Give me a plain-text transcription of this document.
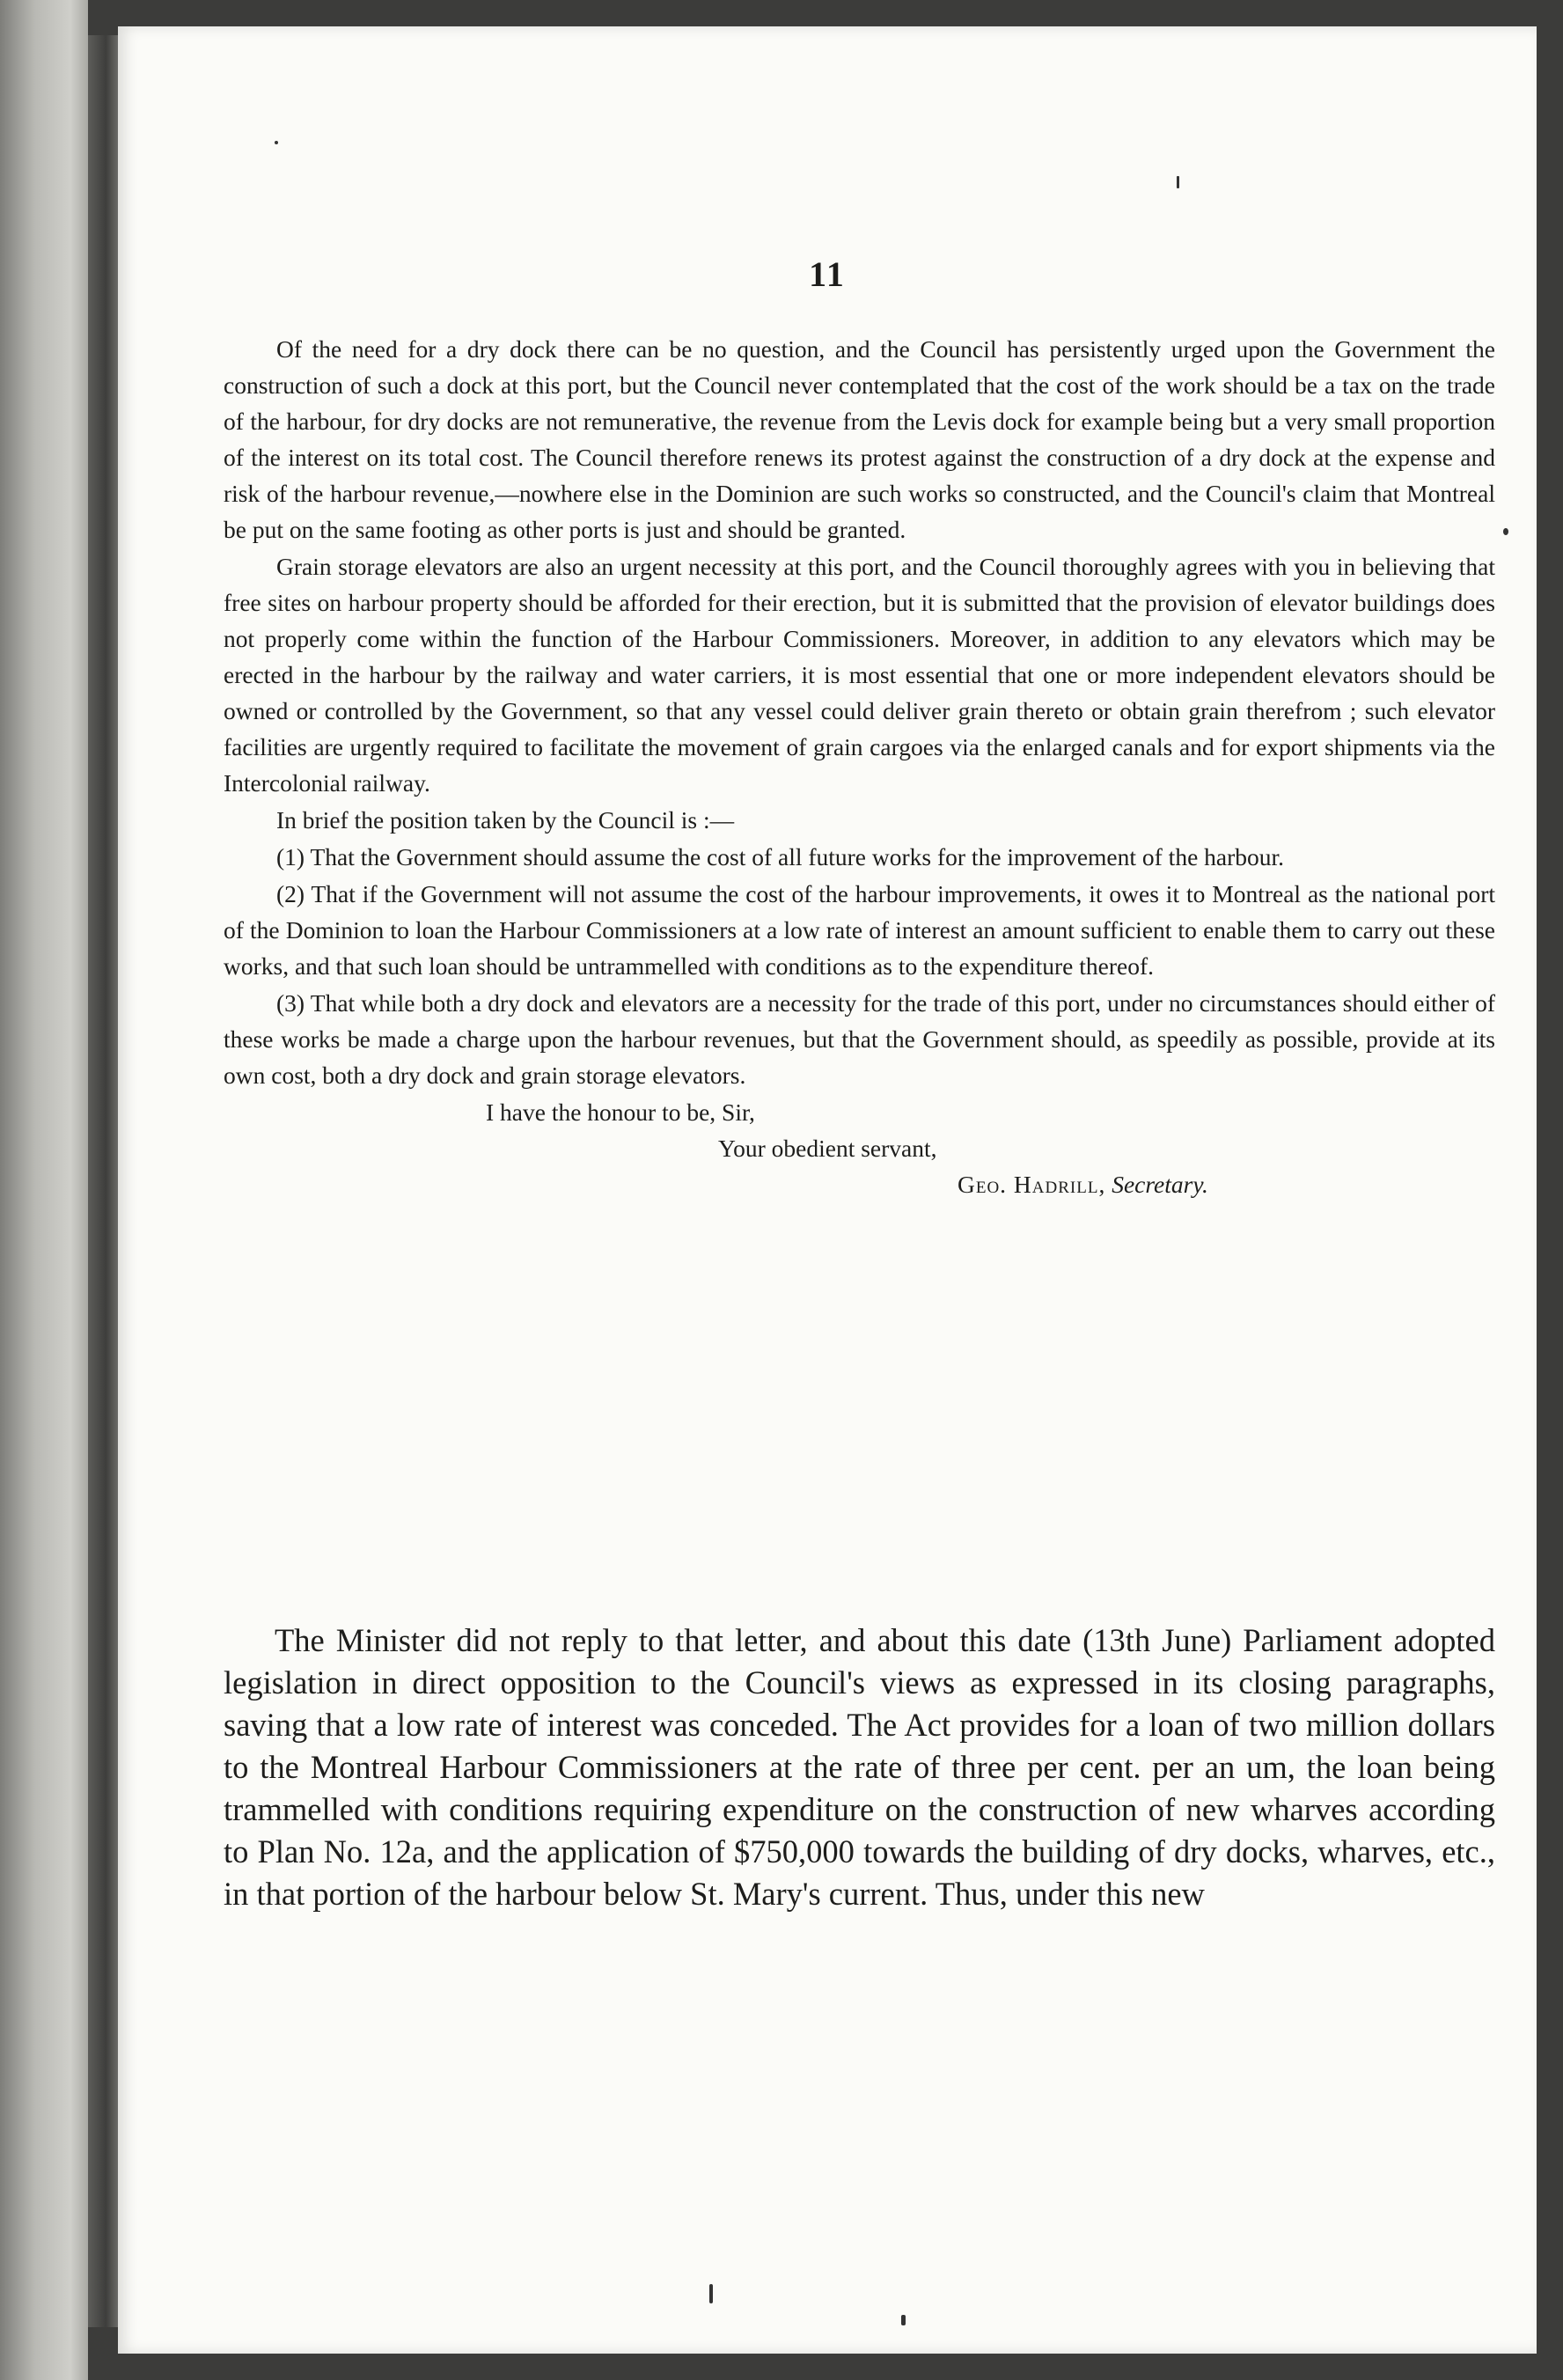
11

Of the need for a dry dock there can be no question, and the Council has persistently urged upon the Government the construction of such a dock at this port, but the Council never contemplated that the cost of the work should be a tax on the trade of the harbour, for dry docks are not remunerative, the revenue from the Levis dock for example being but a very small proportion of the interest on its total cost. The Council therefore renews its protest against the construction of a dry dock at the expense and risk of the harbour revenue,—nowhere else in the Dominion are such works so constructed, and the Council's claim that Montreal be put on the same footing as other ports is just and should be granted.

Grain storage elevators are also an urgent necessity at this port, and the Council thoroughly agrees with you in believing that free sites on harbour property should be afforded for their erection, but it is submitted that the provision of elevator buildings does not properly come within the function of the Harbour Commissioners. Moreover, in addition to any elevators which may be erected in the harbour by the railway and water carriers, it is most essential that one or more independent elevators should be owned or controlled by the Government, so that any vessel could deliver grain thereto or obtain grain therefrom ; such elevator facilities are urgently required to facilitate the movement of grain cargoes via the enlarged canals and for export shipments via the Intercolonial railway.

In brief the position taken by the Council is :—

(1) That the Government should assume the cost of all future works for the improvement of the harbour.

(2) That if the Government will not assume the cost of the harbour improvements, it owes it to Montreal as the national port of the Dominion to loan the Harbour Commissioners at a low rate of interest an amount sufficient to enable them to carry out these works, and that such loan should be untrammelled with conditions as to the expenditure thereof.

(3) That while both a dry dock and elevators are a necessity for the trade of this port, under no circumstances should either of these works be made a charge upon the harbour revenues, but that the Government should, as speedily as possible, provide at its own cost, both a dry dock and grain storage elevators.

I have the honour to be, Sir,
Your obedient servant,
Geo. Hadrill, Secretary.

The Minister did not reply to that letter, and about this date (13th June) Parliament adopted legislation in direct opposition to the Council's views as expressed in its closing paragraphs, saving that a low rate of interest was conceded. The Act provides for a loan of two million dollars to the Montreal Harbour Commissioners at the rate of three per cent. per an um, the loan being trammelled with conditions requiring expenditure on the construction of new wharves according to Plan No. 12a, and the application of $750,000 towards the building of dry docks, wharves, etc., in that portion of the harbour below St. Mary's current. Thus, under this new
